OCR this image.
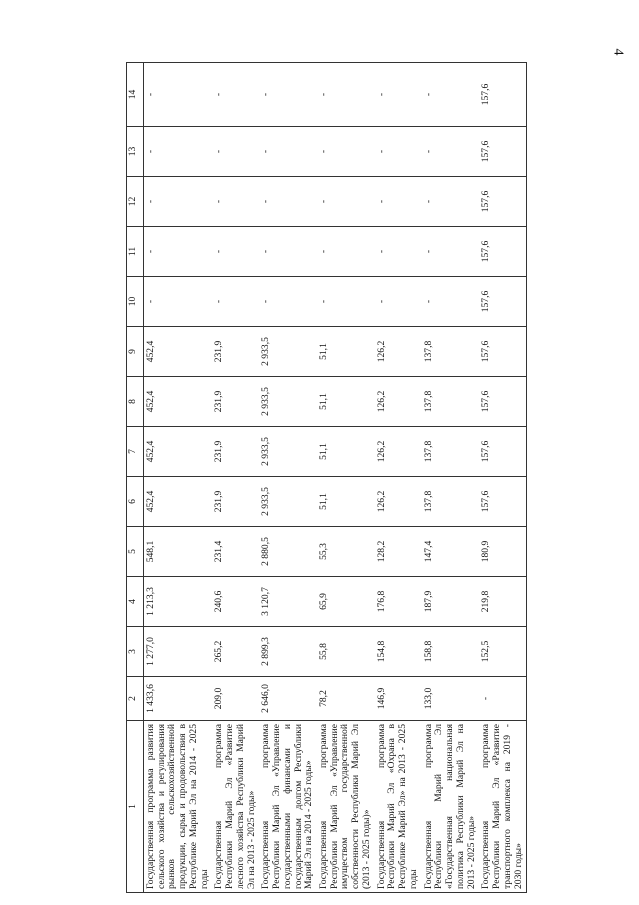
4
1	2	3	4	5	6	7	8	9	10	11	12	13	14
Государственная программа развития сельского хозяйства и регулирования рынков сельскохозяйственной продукции, сырья и продовольствия в Республике Марий Эл на 2014 - 2025 годы	1 433,6	1 277,0	1 213,3	548,1	452,4	452,4	452,4	452,4	-	-	-	-	-
Государственная программа Республики Марий Эл «Развитие лесного хозяйства Республики Марий Эл на 2013 - 2025 годы»	209,0	265,2	240,6	231,4	231,9	231,9	231,9	231,9	-	-	-	-	-
Государственная программа Республики Марий Эл «Управление государственными финансами и государственным долгом Республики Марий Эл на 2014 - 2025 годы»	2 646,0	2 899,3	3 120,7	2 880,5	2 933,5	2 933,5	2 933,5	2 933,5	-	-	-	-	-
Государственная программа Республики Марий Эл «Управление имуществом государственной собственности Республики Марий Эл (2013 - 2025 годы)»	78,2	55,8	65,9	55,3	51,1	51,1	51,1	51,1	-	-	-	-	-
Государственная программа Республики Марий Эл «Охрана в Республике Марий Эл» на 2013 - 2025 годы	146,9	154,8	176,8	128,2	126,2	126,2	126,2	126,2	-	-	-	-	-
Государственная программа Республики Марий Эл «Государственная национальная политика Республики Марий Эл на 2013 - 2025 годы»	133,0	158,8	187,9	147,4	137,8	137,8	137,8	137,8	-	-	-	-	-
Государственная программа Республики Марий Эл «Развитие транспортного комплекса на 2019 - 2030 годы»	-	152,5	219,8	180,9	157,6	157,6	157,6	157,6	157,6	157,6	157,6	157,6	157,6
